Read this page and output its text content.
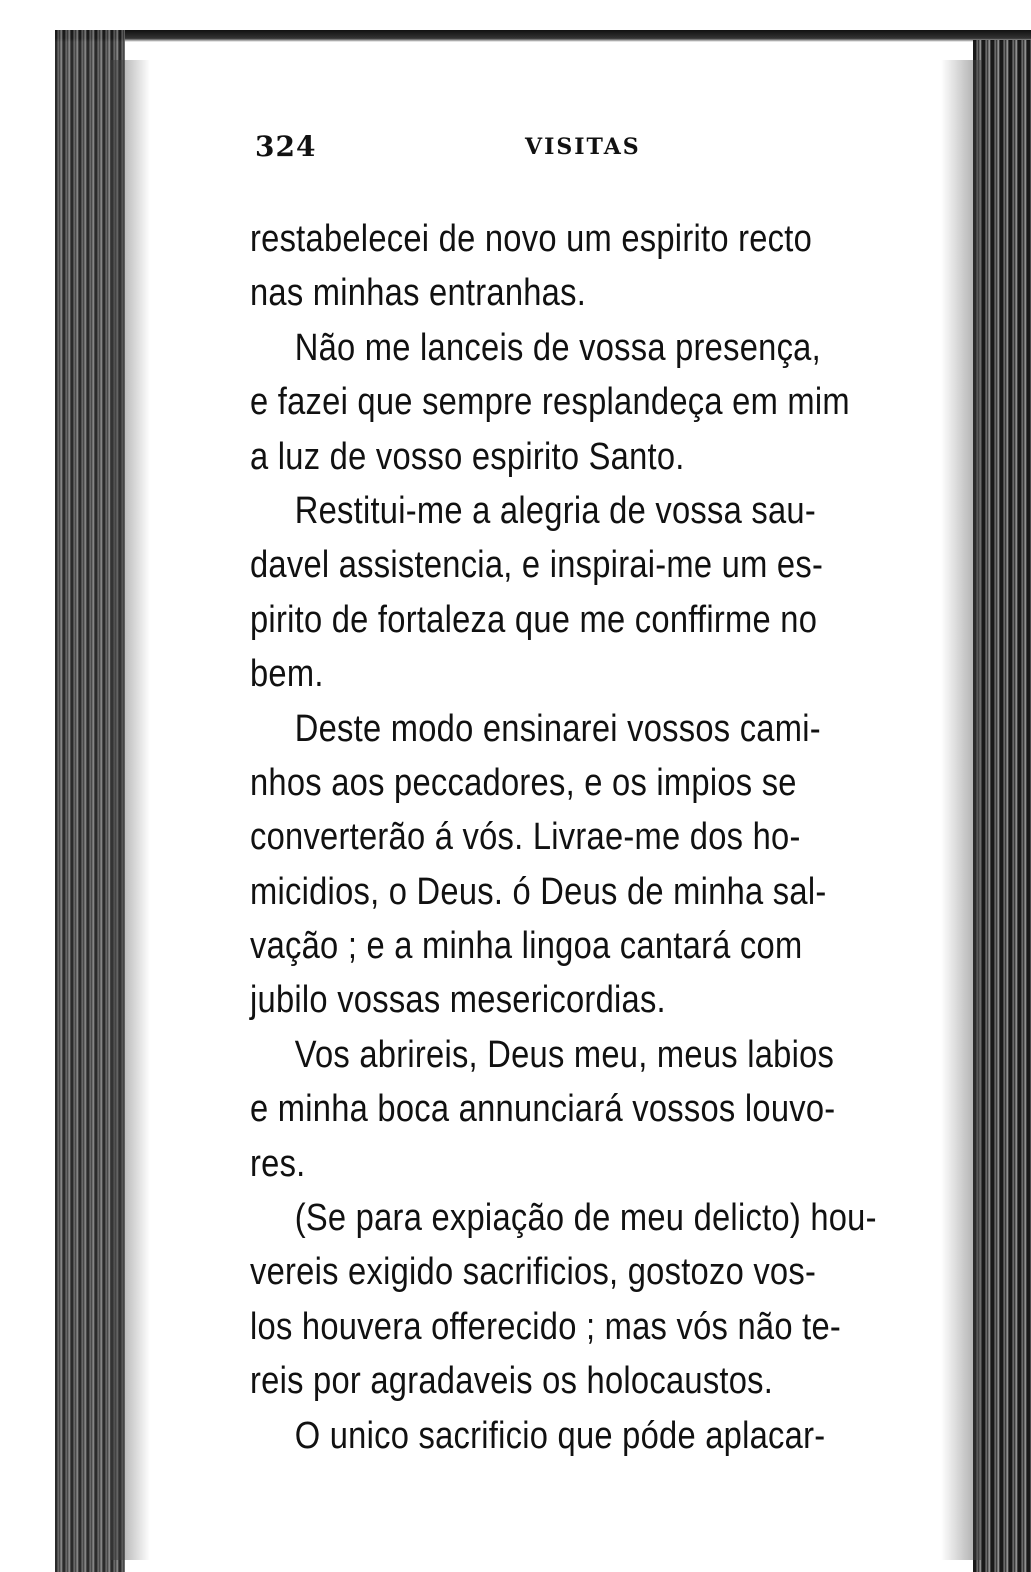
324	VISITAS
restabelecei de novo um espirito recto
nas minhas entranhas.
Não me lanceis de vossa presença,
e fazei que sempre resplandeça em mim
a luz de vosso espirito Santo.
Restitui-me a alegria de vossa sau-
davel assistencia, e inspirai-me um es-
pirito de fortaleza que me conffirme no
bem.
Deste modo ensinarei vossos cami-
nhos aos peccadores, e os impios se
converterão á vós. Livrae-me dos ho-
micidios, o Deus. ó Deus de minha sal-
vação ; e a minha lingoa cantará com
jubilo vossas mesericordias.
Vos abrireis, Deus meu, meus labios
e minha boca annunciará vossos louvo-
res.
(Se para expiação de meu delicto) hou-
vereis exigido sacrificios, gostozo vos-
los houvera offerecido ; mas vós não te-
reis por agradaveis os holocaustos.
O unico sacrificio que póde aplacar-
